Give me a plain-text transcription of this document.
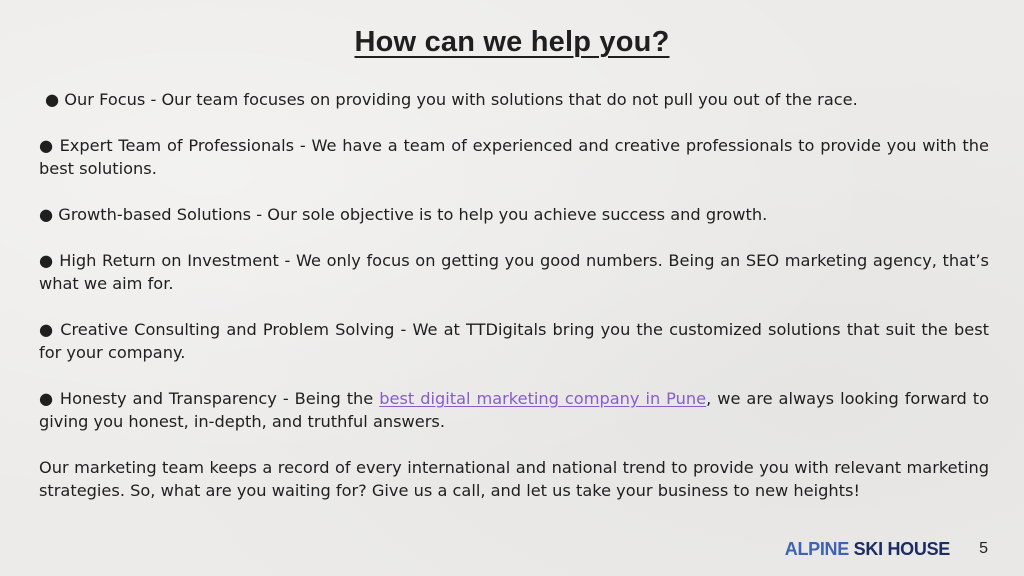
How can we help you?

● Our Focus - Our team focuses on providing you with solutions that do not pull you out of the race.

● Expert Team of Professionals - We have a team of experienced and creative professionals to provide you with the best solutions.

● Growth-based Solutions - Our sole objective is to help you achieve success and growth.

● High Return on Investment - We only focus on getting you good numbers. Being an SEO marketing agency, that’s what we aim for.

● Creative Consulting and Problem Solving - We at TTDigitals bring you the customized solutions that suit the best for your company.

● Honesty and Transparency - Being the best digital marketing company in Pune, we are always looking forward to giving you honest, in-depth, and truthful answers.

Our marketing team keeps a record of every international and national trend to provide you with relevant marketing strategies. So, what are you waiting for? Give us a call, and let us take your business to new heights!

ALPINE SKI HOUSE 5
